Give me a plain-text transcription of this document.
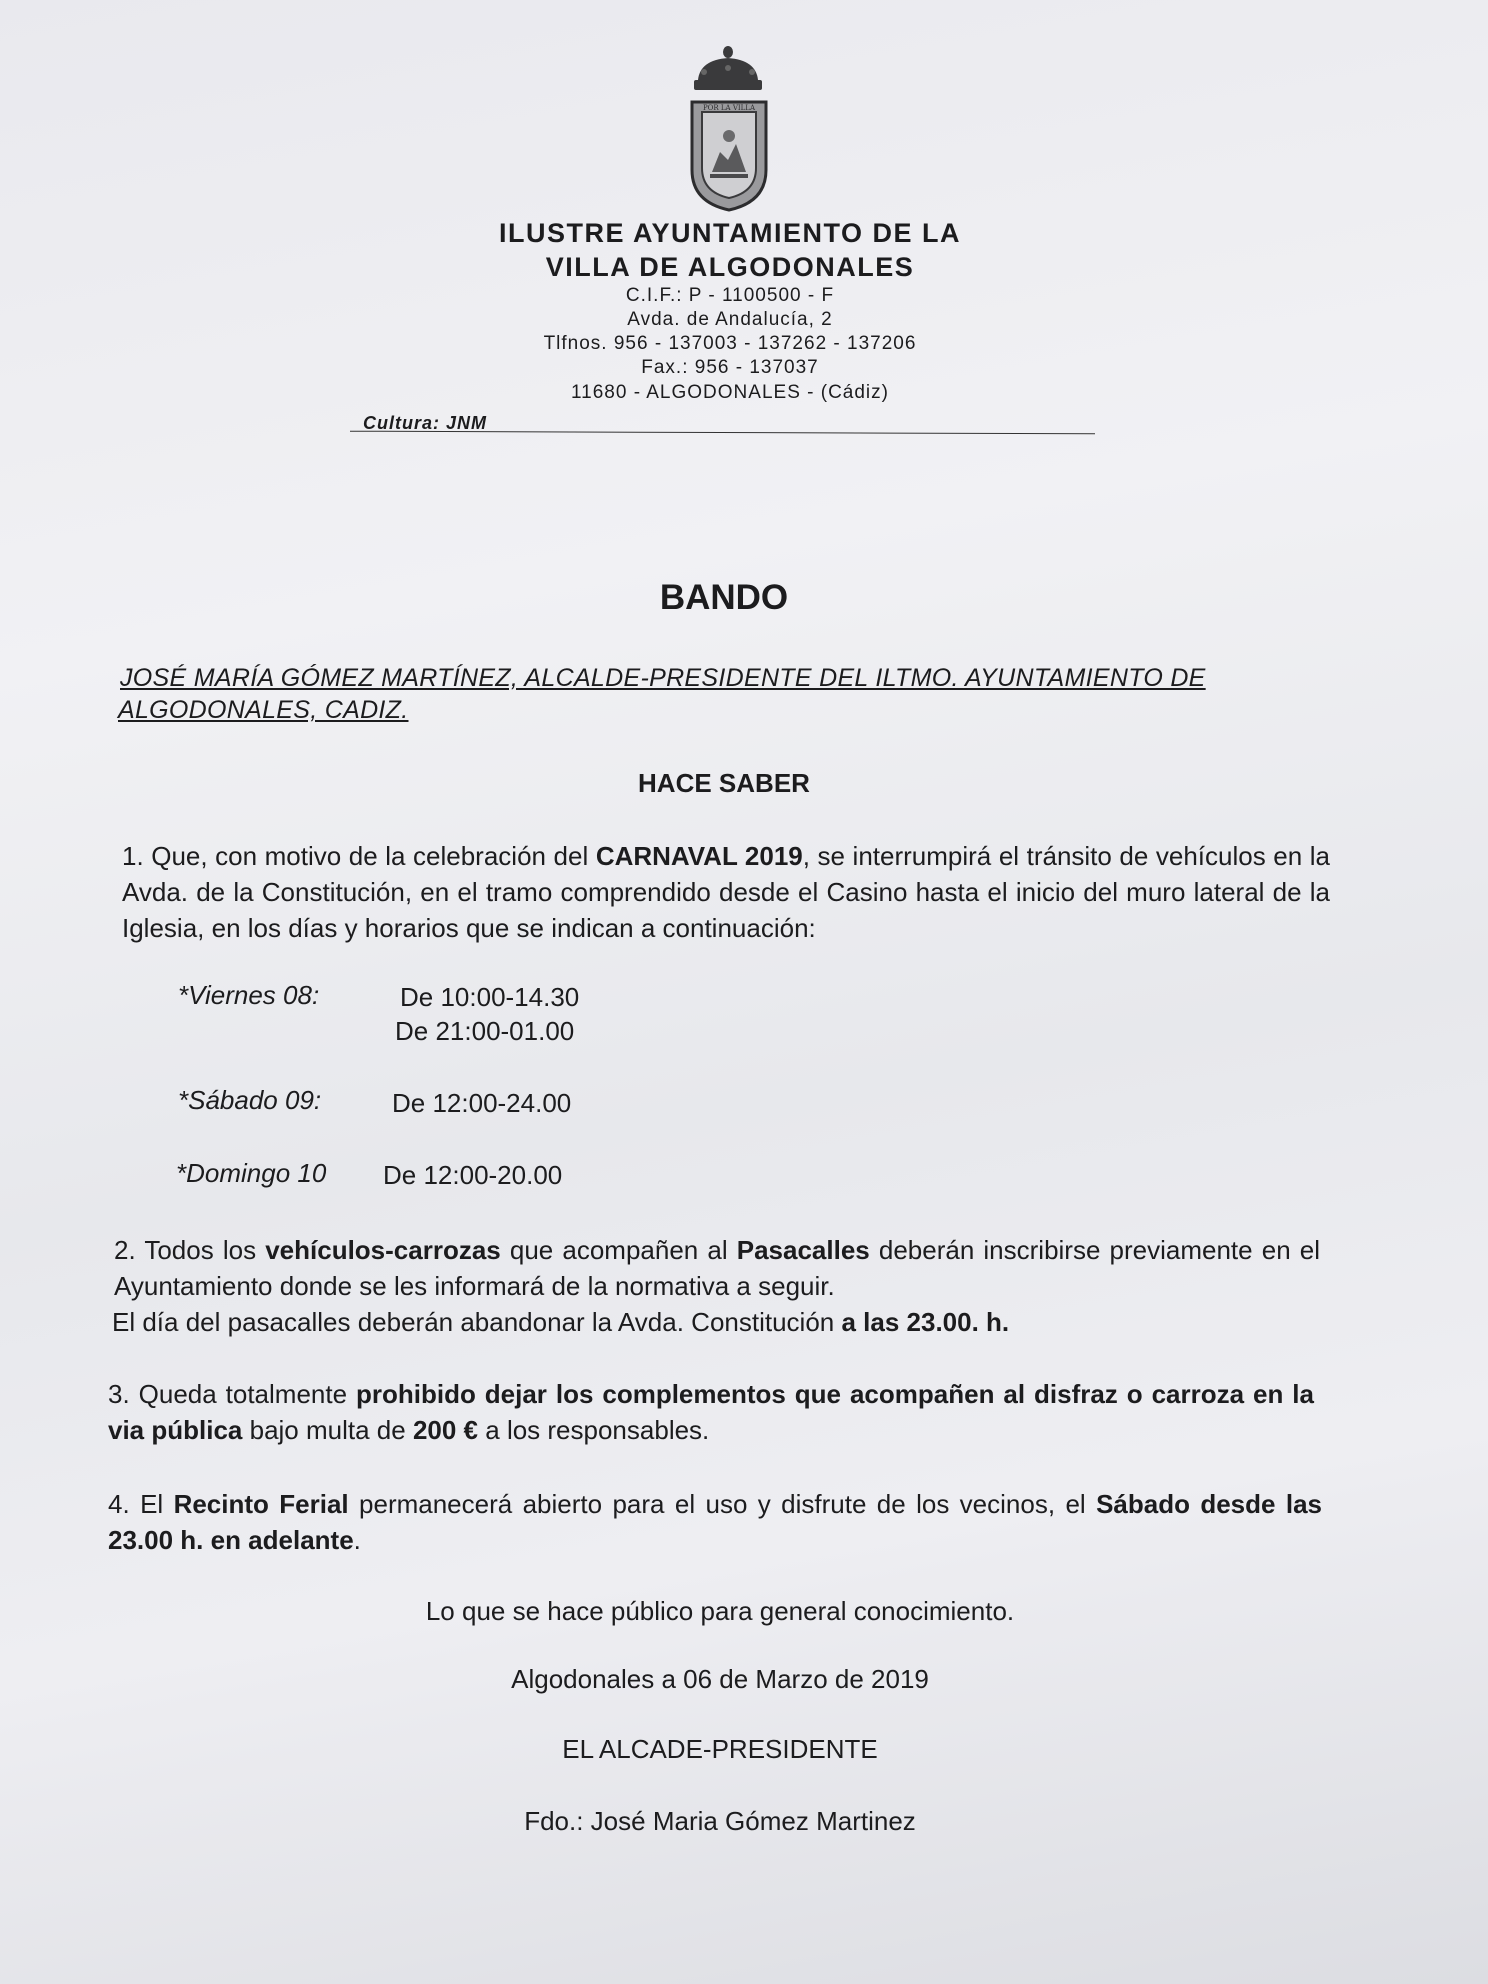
POR LA VILLA
ILUSTRE AYUNTAMIENTO DE LA
VILLA DE ALGODONALES
C.I.F.: P - 1100500 - F
Avda. de Andalucía, 2
Tlfnos. 956 - 137003 - 137262 - 137206
Fax.: 956 - 137037
11680 - ALGODONALES - (Cádiz)
Cultura: JNM
BANDO
JOSÉ MARÍA GÓMEZ MARTÍNEZ, ALCALDE-PRESIDENTE DEL ILTMO. AYUNTAMIENTO DE
ALGODONALES, CADIZ.
HACE SABER
1. Que, con motivo de la celebración del CARNAVAL 2019, se interrumpirá el tránsito de vehículos en la Avda. de la Constitución, en el tramo comprendido desde el Casino hasta el inicio del muro lateral de la Iglesia, en los días y horarios que se indican a continuación:
*Viernes 08:	De 10:00-14.30
De 21:00-01.00
*Sábado 09:	De 12:00-24.00
*Domingo 10 De 12:00-20.00
2. Todos los vehículos-carrozas que acompañen al Pasacalles deberán inscribirse previamente en el Ayuntamiento donde se les informará de la normativa a seguir.
El día del pasacalles deberán abandonar la Avda. Constitución a las 23.00. h.
3. Queda totalmente prohibido dejar los complementos que acompañen al disfraz o carroza en la via pública bajo multa de 200 € a los responsables.
4. El Recinto Ferial permanecerá abierto para el uso y disfrute de los vecinos, el Sábado desde las 23.00 h. en adelante.
Lo que se hace público para general conocimiento.
Algodonales a 06 de Marzo de 2019
EL ALCADE-PRESIDENTE
Fdo.: José Maria Gómez Martinez
